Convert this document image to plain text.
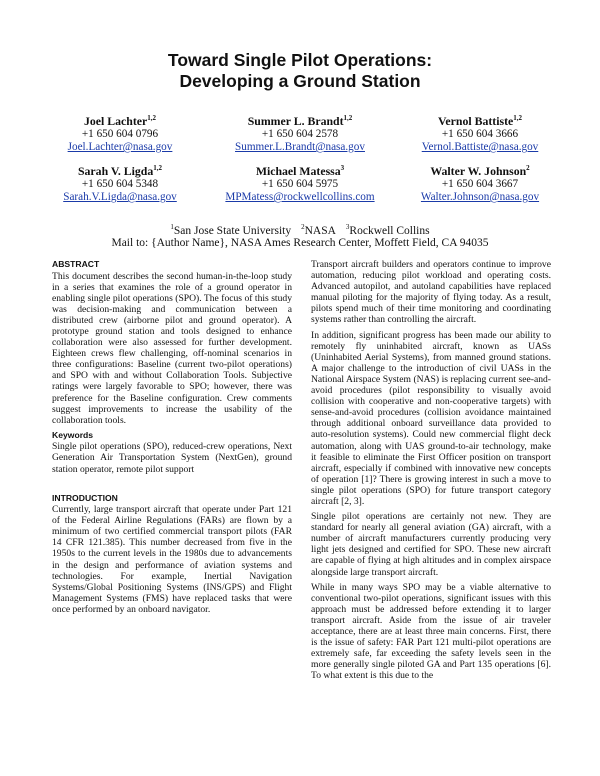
Toward Single Pilot Operations:
Developing a Ground Station
Joel Lachter$^{1,2}$
+1 650 604 0796
Joel.Lachter@nasa.gov
Summer L. Brandt$^{1,2}$
+1 650 604 2578
Summer.L.Brandt@nasa.gov
Vernol Battiste$^{1,2}$
+1 650 604 3666
Vernol.Battiste@nasa.gov
Sarah V. Ligda$^{1,2}$
+1 650 604 5348
Sarah.V.Ligda@nasa.gov
Michael Matessa$^3$
+1 650 604 5975
MPMatess@rockwellcollins.com
Walter W. Johnson$^2$
+1 650 604 3667
Walter.Johnson@nasa.gov
$^1$San Jose State University $^2$NASA $^3$Rockwell Collins
Mail to: {Author Name}, NASA Ames Research Center, Moffett Field, CA 94035
ABSTRACT

This document describes the second human-in-the-loop study in a series that examines the role of a ground operator in enabling single pilot operations (SPO). The focus of this study was decision-making and communication between a distributed crew (airborne pilot and ground operator). A prototype ground station and tools designed to enhance collaboration were also assessed for further development. Eighteen crews flew challenging, off-nominal scenarios in three configurations: Baseline (current two-pilot operations) and SPO with and without Collaboration Tools. Subjective ratings were largely favorable to SPO; however, there was preference for the Baseline configuration. Crew comments suggest improvements to increase the usability of the collaboration tools.

Keywords

Single pilot operations (SPO), reduced-crew operations, Next Generation Air Transportation System (NextGen), ground station operator, remote pilot support

INTRODUCTION

Currently, large transport aircraft that operate under Part 121 of the Federal Airline Regulations (FARs) are flown by a minimum of two certified commercial transport pilots (FAR 14 CFR 121.385). This number decreased from five in the 1950s to the current levels in the 1980s due to advancements in the design and performance of aviation systems and technologies. For example, Inertial Navigation Systems/Global Positioning Systems (INS/GPS) and Flight Management Systems (FMS) have replaced tasks that were once performed by an onboard navigator.

Transport aircraft builders and operators continue to improve automation, reducing pilot workload and operating costs. Advanced autopilot, and autoland capabilities have replaced manual piloting for the majority of flying today. As a result, pilots spend much of their time monitoring and coordinating systems rather than controlling the aircraft.

In addition, significant progress has been made our ability to remotely fly uninhabited aircraft, known as UASs (Uninhabited Aerial Systems), from manned ground stations. A major challenge to the introduction of civil UASs in the National Airspace System (NAS) is replacing current see-and-avoid procedures (pilot responsibility to visually avoid collision with cooperative and non-cooperative targets) with sense-and-avoid procedures (collision avoidance maintained through additional onboard surveillance data provided to auto-resolution systems). Could new commercial flight deck automation, along with UAS ground-to-air technology, make it feasible to eliminate the First Officer position on transport aircraft, especially if combined with innovative new concepts of operation [1]? There is growing interest in such a move to single pilot operations (SPO) for future transport category aircraft [2, 3].

Single pilot operations are certainly not new. They are standard for nearly all general aviation (GA) aircraft, with a number of aircraft manufacturers currently producing very light jets designed and certified for SPO. These new aircraft are capable of flying at high altitudes and in complex airspace alongside large transport aircraft.

While in many ways SPO may be a viable alternative to conventional two-pilot operations, significant issues with this approach must be addressed before extending it to larger transport aircraft. Aside from the issue of air traveler acceptance, there are at least three main concerns. First, there is the issue of safety: FAR Part 121 multi-pilot operations are extremely safe, far exceeding the safety levels seen in the more generally single piloted GA and Part 135 operations [6]. To what extent is this due to the
